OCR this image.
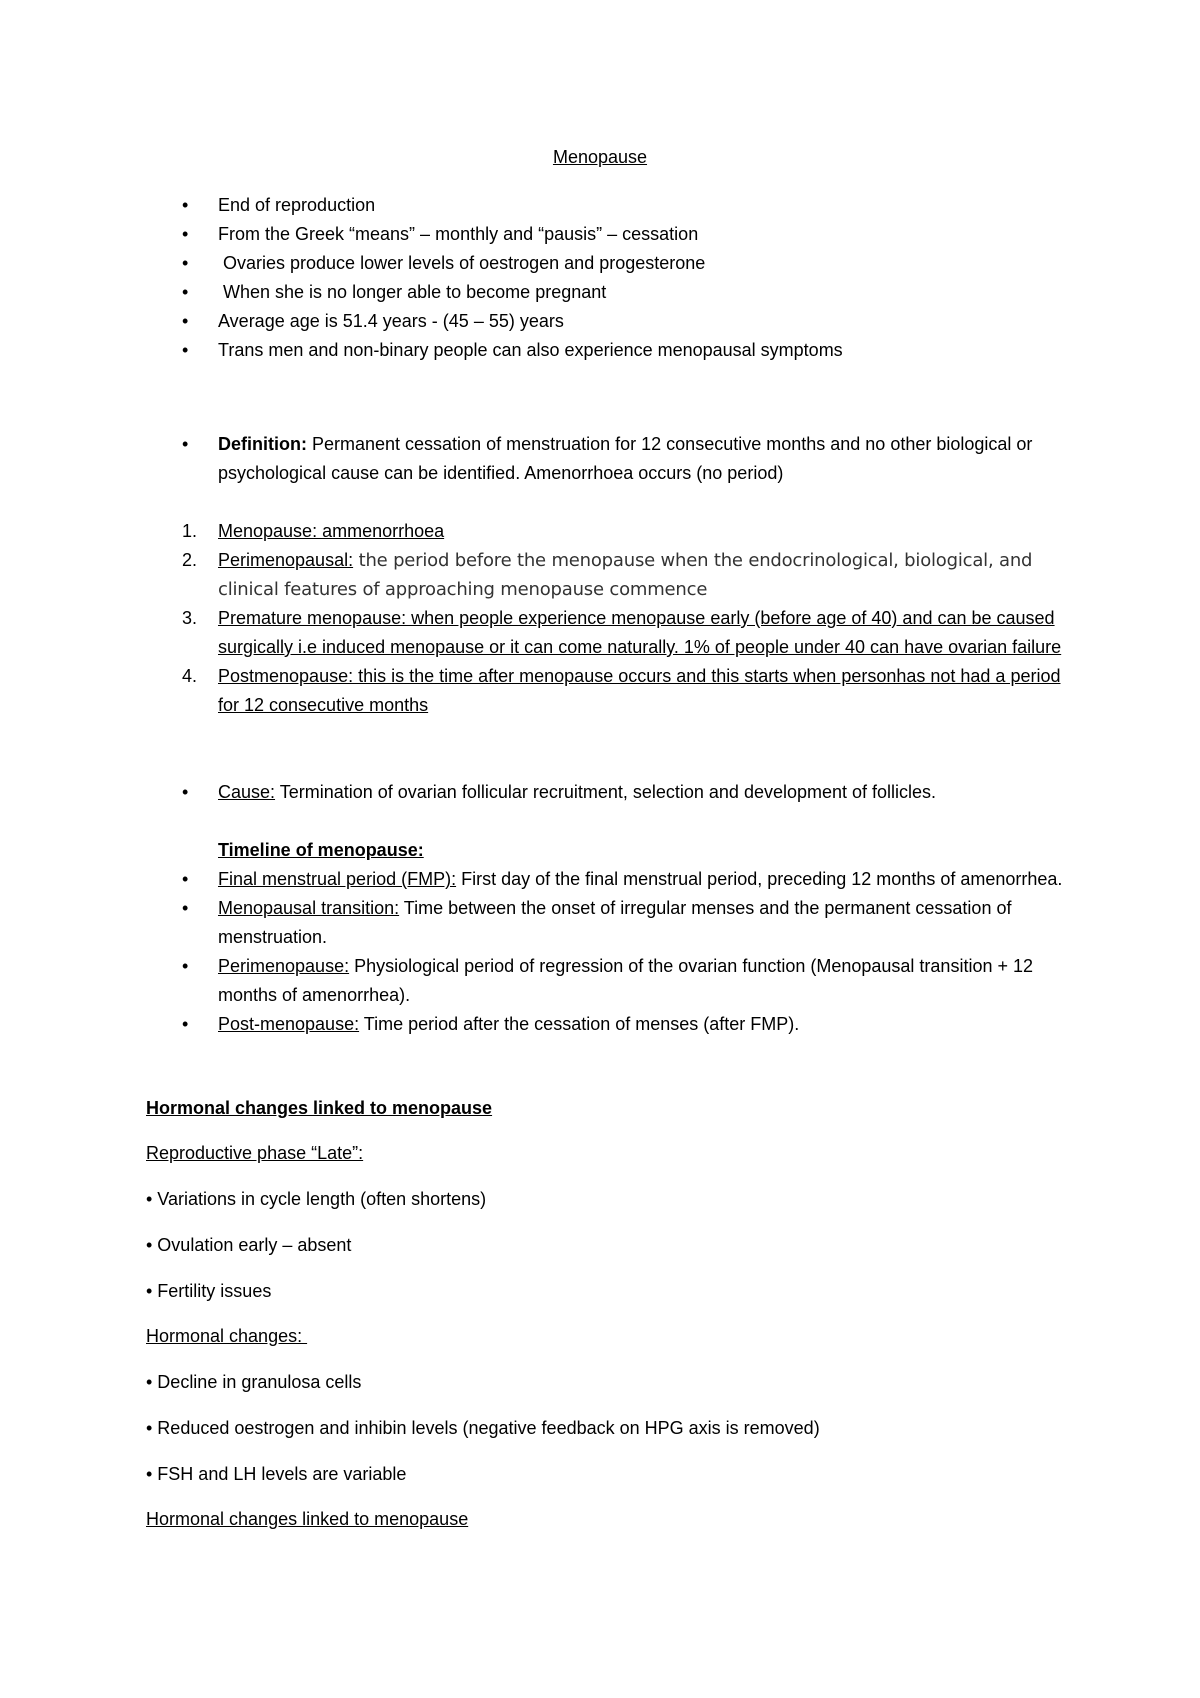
Menopause
• End of reproduction
• From the Greek “means” – monthly and “pausis” – cessation
•  Ovaries produce lower levels of oestrogen and progesterone
•  When she is no longer able to become pregnant
• Average age is 51.4 years - (45 – 55) years
• Trans men and non-binary people can also experience menopausal symptoms
• Definition: Permanent cessation of menstruation for 12 consecutive months and no other biological or psychological cause can be identified. Amenorrhoea occurs (no period)
1. Menopause: ammenorrhoea
2. Perimenopausal: the period before the menopause when the endocrinological, biological, and clinical features of approaching menopause commence
3. Premature menopause: when people experience menopause early (before age of 40) and can be caused surgically i.e induced menopause or it can come naturally. 1% of people under 40 can have ovarian failure
4. Postmenopause: this is the time after menopause occurs and this starts when personhas not had a period for 12 consecutive months
• Cause: Termination of ovarian follicular recruitment, selection and development of follicles.
Timeline of menopause:
• Final menstrual period (FMP): First day of the final menstrual period, preceding 12 months of amenorrhea.
• Menopausal transition: Time between the onset of irregular menses and the permanent cessation of menstruation.
• Perimenopause: Physiological period of regression of the ovarian function (Menopausal transition + 12 months of amenorrhea).
• Post-menopause: Time period after the cessation of menses (after FMP).
Hormonal changes linked to menopause
Reproductive phase “Late”:
• Variations in cycle length (often shortens)
• Ovulation early – absent
• Fertility issues
Hormonal changes:
• Decline in granulosa cells
• Reduced oestrogen and inhibin levels (negative feedback on HPG axis is removed)
• FSH and LH levels are variable
Hormonal changes linked to menopause
